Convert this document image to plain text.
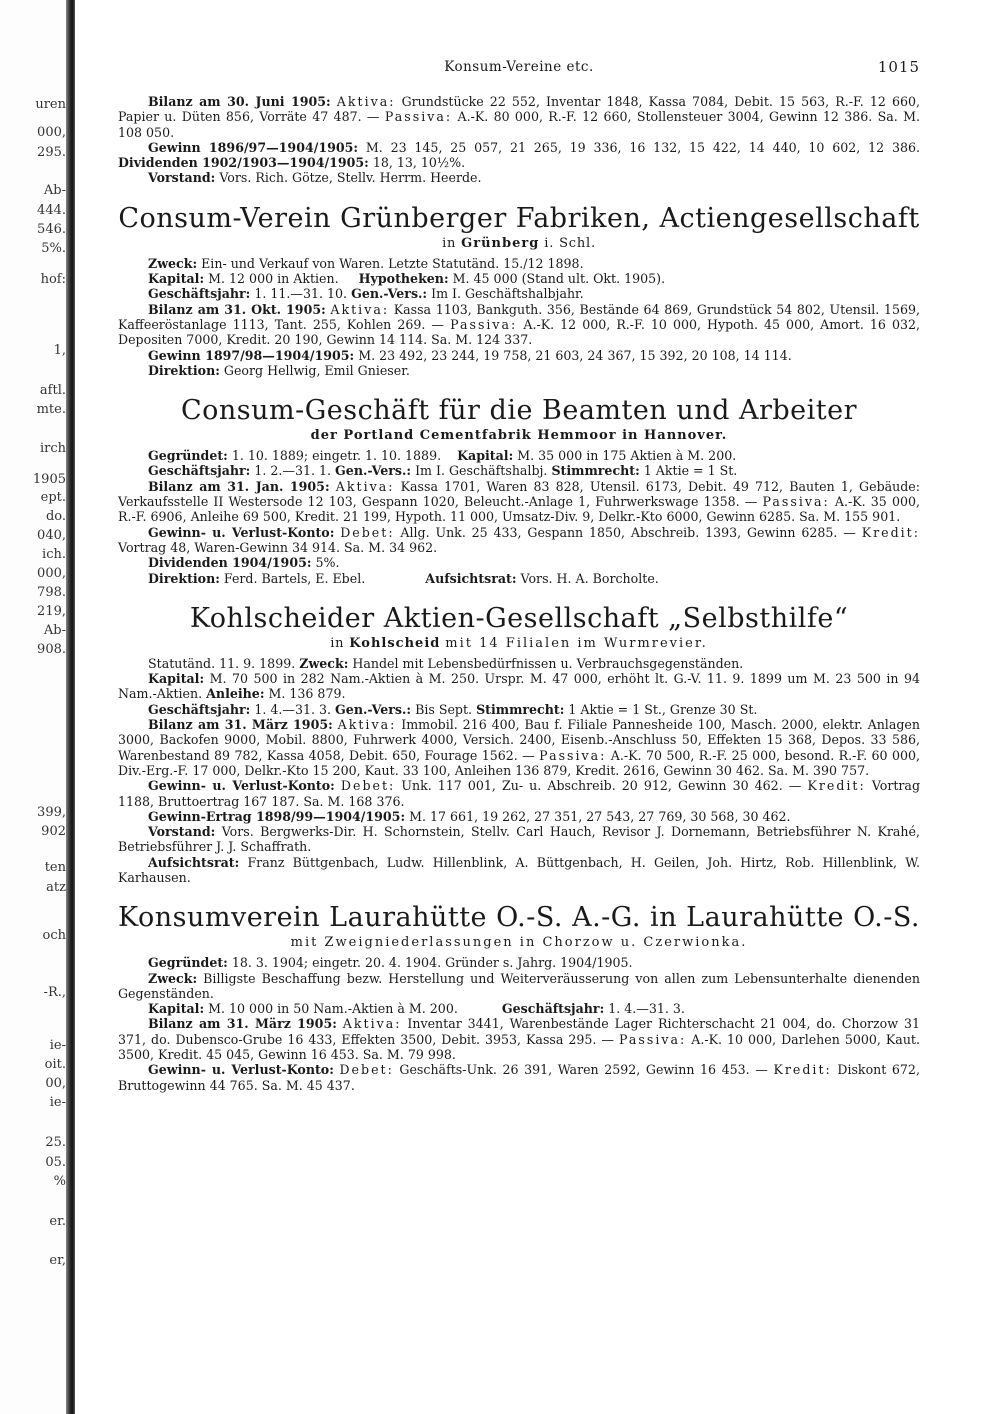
uren
000,
295.
Ab-
444.
546.
5%.
hof:
1,
aftl.
mte.
irch
1905
ept.
do.
040,
ich.
000,
798.
219,
Ab-
908.
399,
902
ten
atz
och
-R.,
ie-
oit.
00,
ie-
25.
05.
%
er.
er,
Konsum-Vereine etc.	1015

Bilanz am 30. Juni 1905: Aktiva: Grundstücke 22 552, Inventar 1848, Kassa 7084, Debit. 15 563, R.-F. 12 660, Papier u. Düten 856, Vorräte 47 487. — Passiva: A.-K. 80 000, R.-F. 12 660, Stollensteuer 3004, Gewinn 12 386. Sa. M. 108 050.

Gewinn 1896/97—1904/1905: M. 23 145, 25 057, 21 265, 19 336, 16 132, 15 422, 14 440, 10 602, 12 386. Dividenden 1902/1903—1904/1905: 18, 13, 10½%.

Vorstand: Vors. Rich. Götze, Stellv. Herrm. Heerde.

Consum-Verein Grünberger Fabriken, Actiengesellschaft
in Grünberg i. Schl.

Zweck: Ein- und Verkauf von Waren. Letzte Statutänd. 15./12 1898.

Kapital: M. 12 000 in Aktien. Hypotheken: M. 45 000 (Stand ult. Okt. 1905).

Geschäftsjahr: 1. 11.—31. 10. Gen.-Vers.: Im I. Geschäftshalbjahr.

Bilanz am 31. Okt. 1905: Aktiva: Kassa 1103, Bankguth. 356, Bestände 64 869, Grundstück 54 802, Utensil. 1569, Kaffeeröstanlage 1113, Tant. 255, Kohlen 269. — Passiva: A.-K. 12 000, R.-F. 10 000, Hypoth. 45 000, Amort. 16 032, Depositen 7000, Kredit. 20 190, Gewinn 14 114. Sa. M. 124 337.

Gewinn 1897/98—1904/1905: M. 23 492, 23 244, 19 758, 21 603, 24 367, 15 392, 20 108, 14 114.

Direktion: Georg Hellwig, Emil Gnieser.

Consum-Geschäft für die Beamten und Arbeiter
der Portland Cementfabrik Hemmoor in Hannover.

Gegründet: 1. 10. 1889; eingetr. 1. 10. 1889. Kapital: M. 35 000 in 175 Aktien à M. 200.

Geschäftsjahr: 1. 2.—31. 1. Gen.-Vers.: Im I. Geschäftshalbj. Stimmrecht: 1 Aktie = 1 St.

Bilanz am 31. Jan. 1905: Aktiva: Kassa 1701, Waren 83 828, Utensil. 6173, Debit. 49 712, Bauten 1, Gebäude: Verkaufsstelle II Westersode 12 103, Gespann 1020, Beleucht.-Anlage 1, Fuhrwerkswage 1358. — Passiva: A.-K. 35 000, R.-F. 6906, Anleihe 69 500, Kredit. 21 199, Hypoth. 11 000, Umsatz-Div. 9, Delkr.-Kto 6000, Gewinn 6285. Sa. M. 155 901.

Gewinn- u. Verlust-Konto: Debet: Allg. Unk. 25 433, Gespann 1850, Abschreib. 1393, Gewinn 6285. — Kredit: Vortrag 48, Waren-Gewinn 34 914. Sa. M. 34 962.

Dividenden 1904/1905: 5%.

Direktion: Ferd. Bartels, E. Ebel.	Aufsichtsrat: Vors. H. A. Borcholte.

Kohlscheider Aktien-Gesellschaft „Selbsthilfe“
in Kohlscheid mit 14 Filialen im Wurmrevier.

Statutänd. 11. 9. 1899. Zweck: Handel mit Lebensbedürfnissen u. Verbrauchsgegenständen.

Kapital: M. 70 500 in 282 Nam.-Aktien à M. 250. Urspr. M. 47 000, erhöht lt. G.-V. 11. 9. 1899 um M. 23 500 in 94 Nam.-Aktien. Anleihe: M. 136 879.

Geschäftsjahr: 1. 4.—31. 3. Gen.-Vers.: Bis Sept. Stimmrecht: 1 Aktie = 1 St., Grenze 30 St.

Bilanz am 31. März 1905: Aktiva: Immobil. 216 400, Bau f. Filiale Pannesheide 100, Masch. 2000, elektr. Anlagen 3000, Backofen 9000, Mobil. 8800, Fuhrwerk 4000, Versich. 2400, Eisenb.-Anschluss 50, Effekten 15 368, Depos. 33 586, Warenbestand 89 782, Kassa 4058, Debit. 650, Fourage 1562. — Passiva: A.-K. 70 500, R.-F. 25 000, besond. R.-F. 60 000, Div.-Erg.-F. 17 000, Delkr.-Kto 15 200, Kaut. 33 100, Anleihen 136 879, Kredit. 2616, Gewinn 30 462. Sa. M. 390 757.

Gewinn- u. Verlust-Konto: Debet: Unk. 117 001, Zu- u. Abschreib. 20 912, Gewinn 30 462. — Kredit: Vortrag 1188, Bruttoertrag 167 187. Sa. M. 168 376.

Gewinn-Ertrag 1898/99—1904/1905: M. 17 661, 19 262, 27 351, 27 543, 27 769, 30 568, 30 462.

Vorstand: Vors. Bergwerks-Dir. H. Schornstein, Stellv. Carl Hauch, Revisor J. Dornemann, Betriebsführer N. Krahé, Betriebsführer J. J. Schaffrath.

Aufsichtsrat: Franz Büttgenbach, Ludw. Hillenblink, A. Büttgenbach, H. Geilen, Joh. Hirtz, Rob. Hillenblink, W. Karhausen.

Konsumverein Laurahütte O.-S. A.-G. in Laurahütte O.-S.
mit Zweigniederlassungen in Chorzow u. Czerwionka.

Gegründet: 18. 3. 1904; eingetr. 20. 4. 1904. Gründer s. Jahrg. 1904/1905.

Zweck: Billigste Beschaffung bezw. Herstellung und Weiterveräusserung von allen zum Lebensunterhalte dienenden Gegenständen.

Kapital: M. 10 000 in 50 Nam.-Aktien à M. 200.	Geschäftsjahr: 1. 4.—31. 3.

Bilanz am 31. März 1905: Aktiva: Inventar 3441, Warenbestände Lager Richterschacht 21 004, do. Chorzow 31 371, do. Dubensco-Grube 16 433, Effekten 3500, Debit. 3953, Kassa 295. — Passiva: A.-K. 10 000, Darlehen 5000, Kaut. 3500, Kredit. 45 045, Gewinn 16 453. Sa. M. 79 998.

Gewinn- u. Verlust-Konto: Debet: Geschäfts-Unk. 26 391, Waren 2592, Gewinn 16 453. — Kredit: Diskont 672, Bruttogewinn 44 765. Sa. M. 45 437.
